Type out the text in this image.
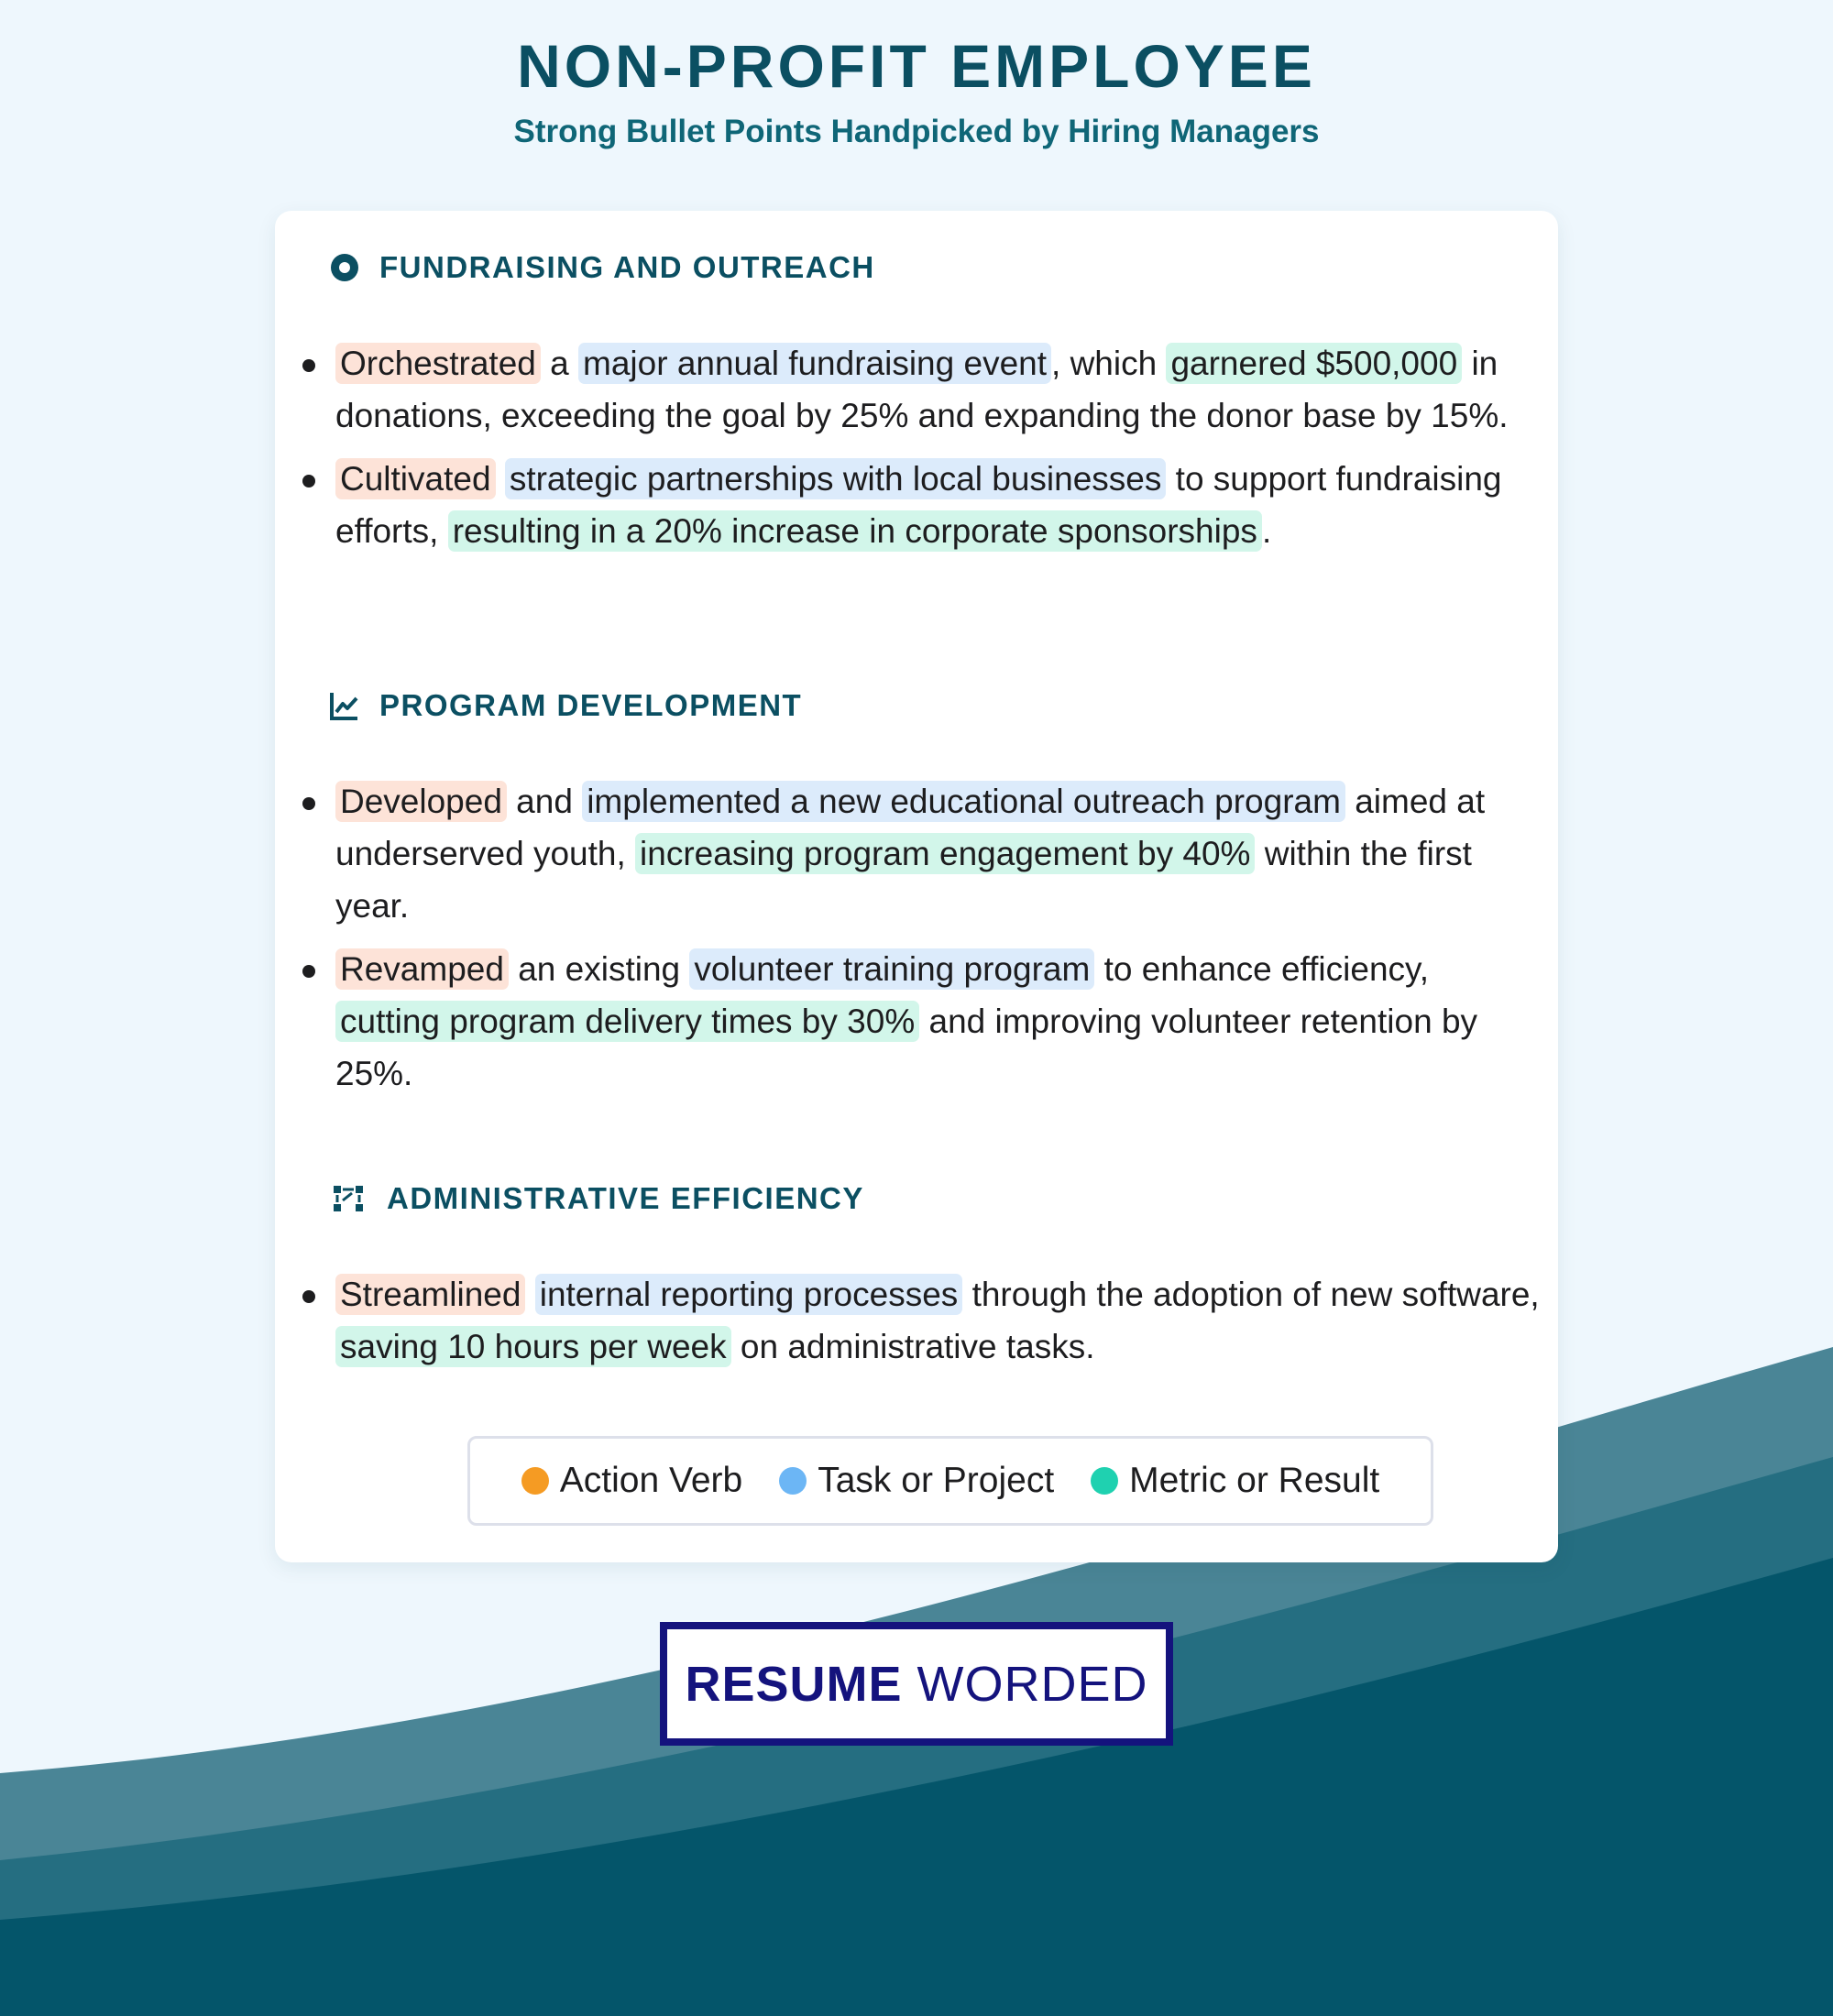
NON-PROFIT EMPLOYEE
Strong Bullet Points Handpicked by Hiring Managers
FUNDRAISING AND OUTREACH
Orchestrated a major annual fundraising event , which garnered $500,000 in donations, exceeding the goal by 25% and expanding the donor base by 15%.
Cultivated strategic partnerships with local businesses to support fundraising efforts, resulting in a 20% increase in corporate sponsorships .
PROGRAM DEVELOPMENT
Developed and implemented a new educational outreach program aimed at underserved youth, increasing program engagement by 40% within the first year.
Revamped an existing volunteer training program to enhance efficiency, cutting program delivery times by 30% and improving volunteer retention by 25%.
ADMINISTRATIVE EFFICIENCY
Streamlined internal reporting processes through the adoption of new software, saving 10 hours per week on administrative tasks.
Action Verb Task or Project Metric or Result
RESUME WORDED
